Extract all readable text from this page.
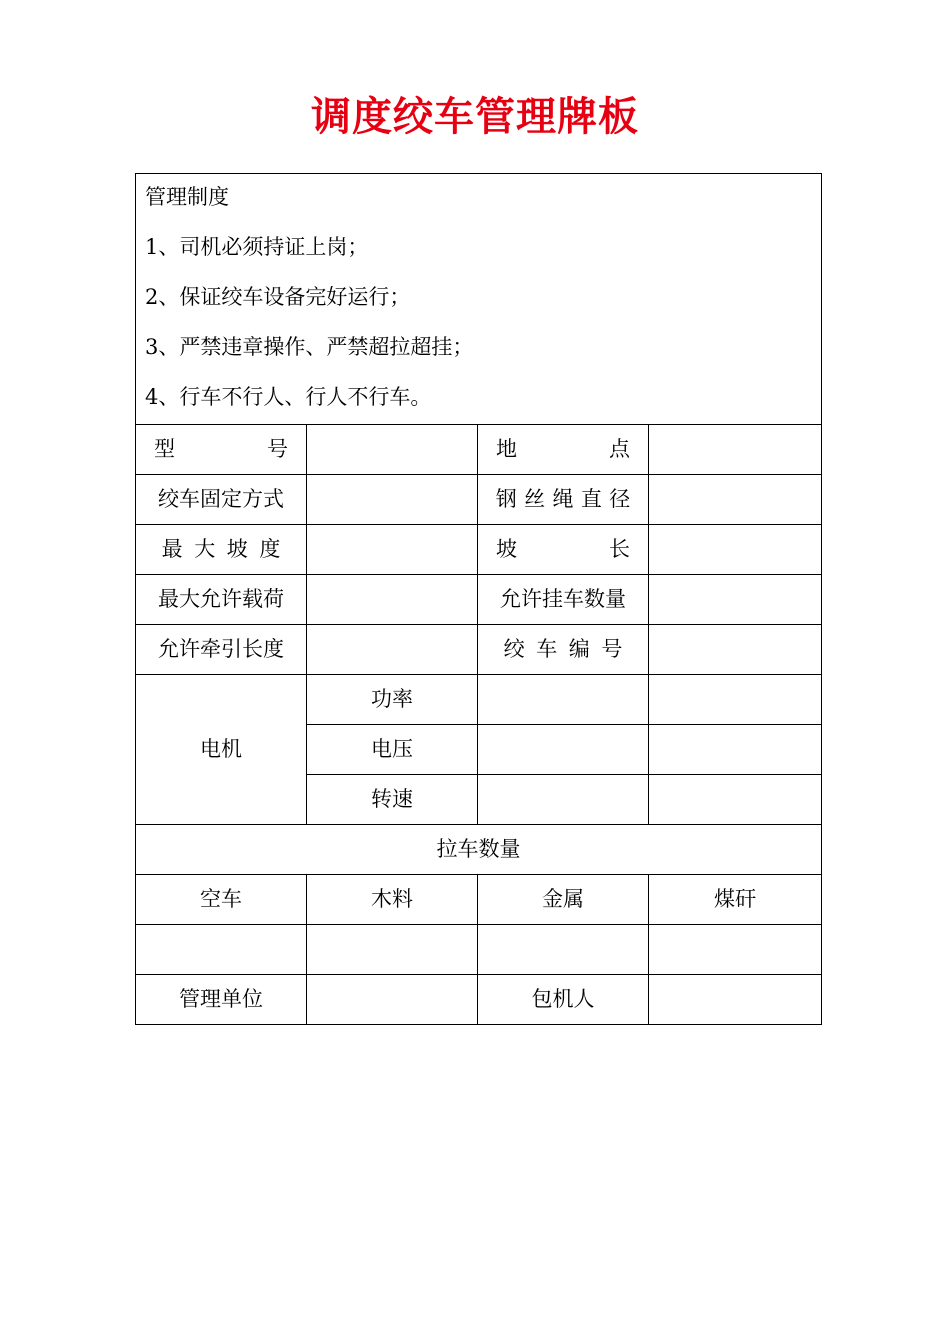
调度绞车管理牌板
管理制度
1、司机必须持证上岗；
2、保证绞车设备完好运行；
3、严禁违章操作、严禁超拉超挂；
4、行车不行人、行人不行车。			

型 号		地 点	

绞车固定方式		钢丝绳直径	
最大坡度		坡 长	

最大允许载荷		允许挂车数量	
允许牵引长度		绞车编号	
电机	功率		
	电压		
	转速		
拉车数量			
空车	木料	金属	煤矸

管理单位		包机人	
